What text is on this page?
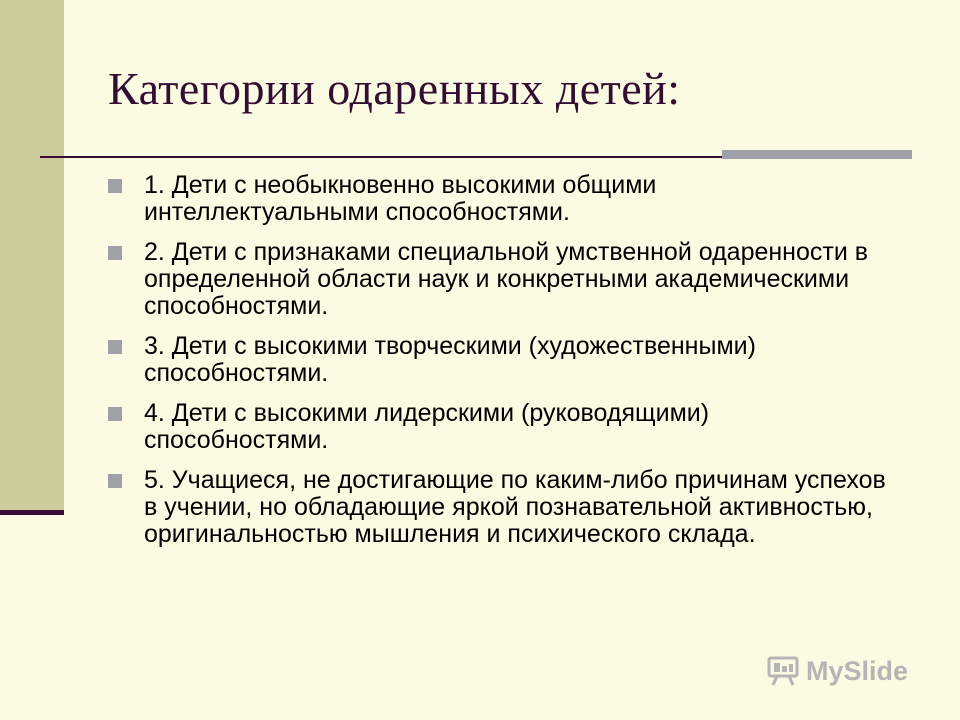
Категории одаренных детей:
1. Дети с необыкновенно высокими общими интеллектуальными способностями.
2. Дети с признаками специальной умственной одаренности в определенной области наук и конкретными академическими способностями.
3. Дети с высокими творческими (художественными) способностями.
4. Дети с высокими лидерскими (руководящими) способностями.
5. Учащиеся, не достигающие по каким-либо причинам успехов в учении, но обладающие яркой познавательной активностью, оригинальностью мышления и психического склада.
MySlide
